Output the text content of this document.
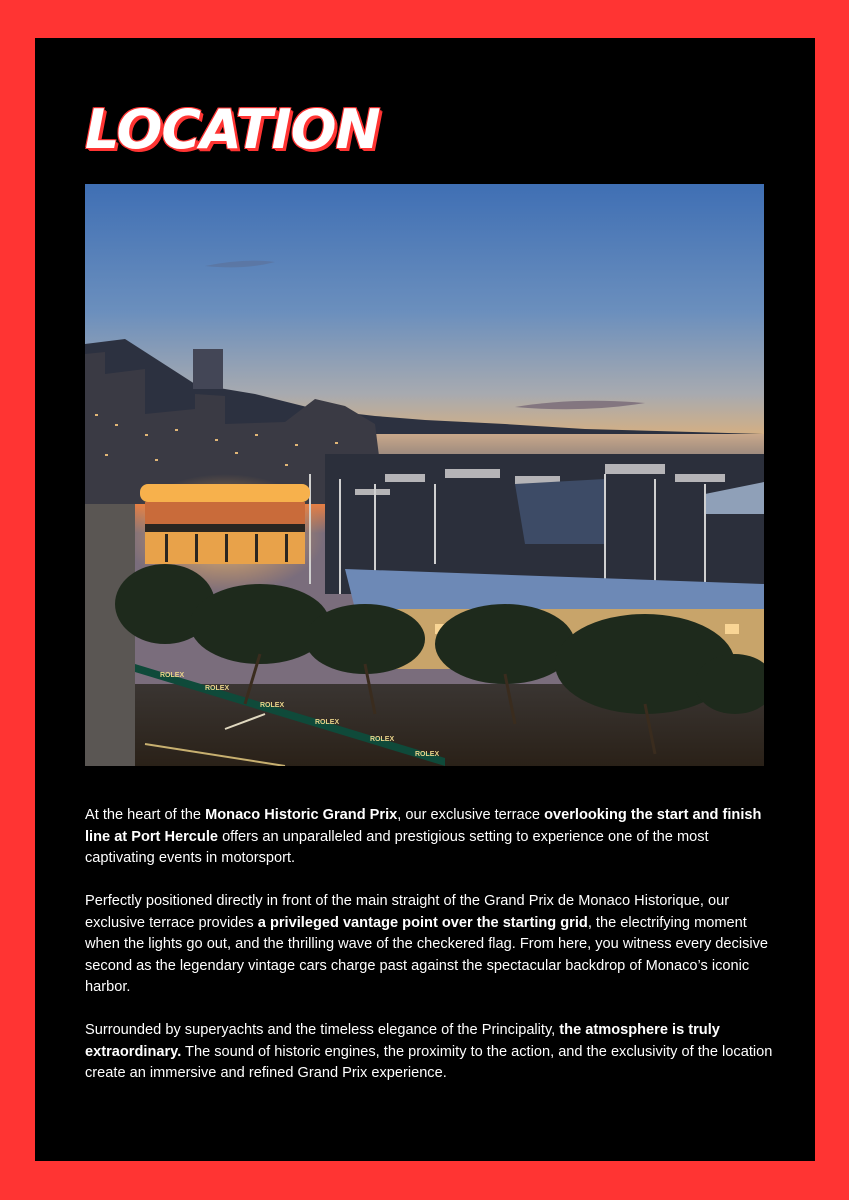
LOCATION
ROLEX
ROLEX
ROLEX
ROLEX
ROLEX
ROLEX

At the heart of the Monaco Historic Grand Prix, our exclusive terrace overlooking the start and finish line at Port Hercule offers an unparalleled and prestigious setting to experience one of the most captivating events in motorsport.

Perfectly positioned directly in front of the main straight of the Grand Prix de Monaco Historique, our exclusive terrace provides a privileged vantage point over the starting grid, the electrifying moment when the lights go out, and the thrilling wave of the checkered flag. From here, you witness every decisive second as the legendary vintage cars charge past against the spectacular backdrop of Monaco’s iconic harbor.

Surrounded by superyachts and the timeless elegance of the Principality, the atmosphere is truly extraordinary. The sound of historic engines, the proximity to the action, and the exclusivity of the location create an immersive and refined Grand Prix experience.
